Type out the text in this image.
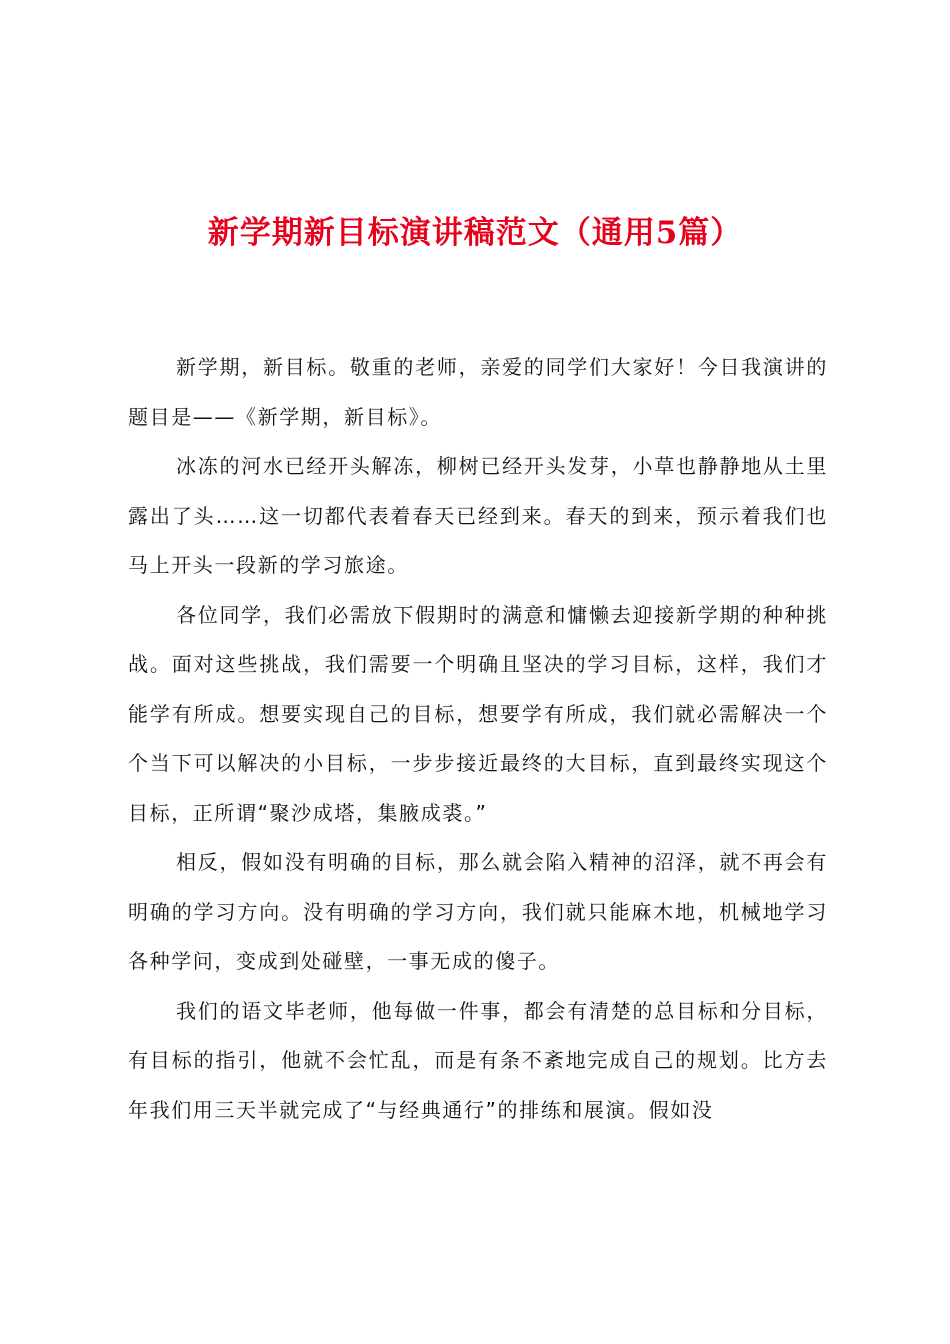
新学期新目标演讲稿范文（通用5篇）

新学期，新目标。敬重的老师，亲爱的同学们大家好！今日我演讲的题目是——《新学期，新目标》。

冰冻的河水已经开头解冻，柳树已经开头发芽，小草也静静地从土里露出了头……这一切都代表着春天已经到来。春天的到来，预示着我们也马上开头一段新的学习旅途。

各位同学，我们必需放下假期时的满意和慵懒去迎接新学期的种种挑战。面对这些挑战，我们需要一个明确且坚决的学习目标，这样，我们才能学有所成。想要实现自己的目标，想要学有所成，我们就必需解决一个个当下可以解决的小目标，一步步接近最终的大目标，直到最终实现这个目标，正所谓“聚沙成塔，集腋成裘。”

相反，假如没有明确的目标，那么就会陷入精神的沼泽，就不再会有明确的学习方向。没有明确的学习方向，我们就只能麻木地，机械地学习各种学问，变成到处碰壁，一事无成的傻子。

我们的语文毕老师，他每做一件事，都会有清楚的总目标和分目标，有目标的指引，他就不会忙乱，而是有条不紊地完成自己的规划。比方去年我们用三天半就完成了“与经典通行”的排练和展演。假如没
